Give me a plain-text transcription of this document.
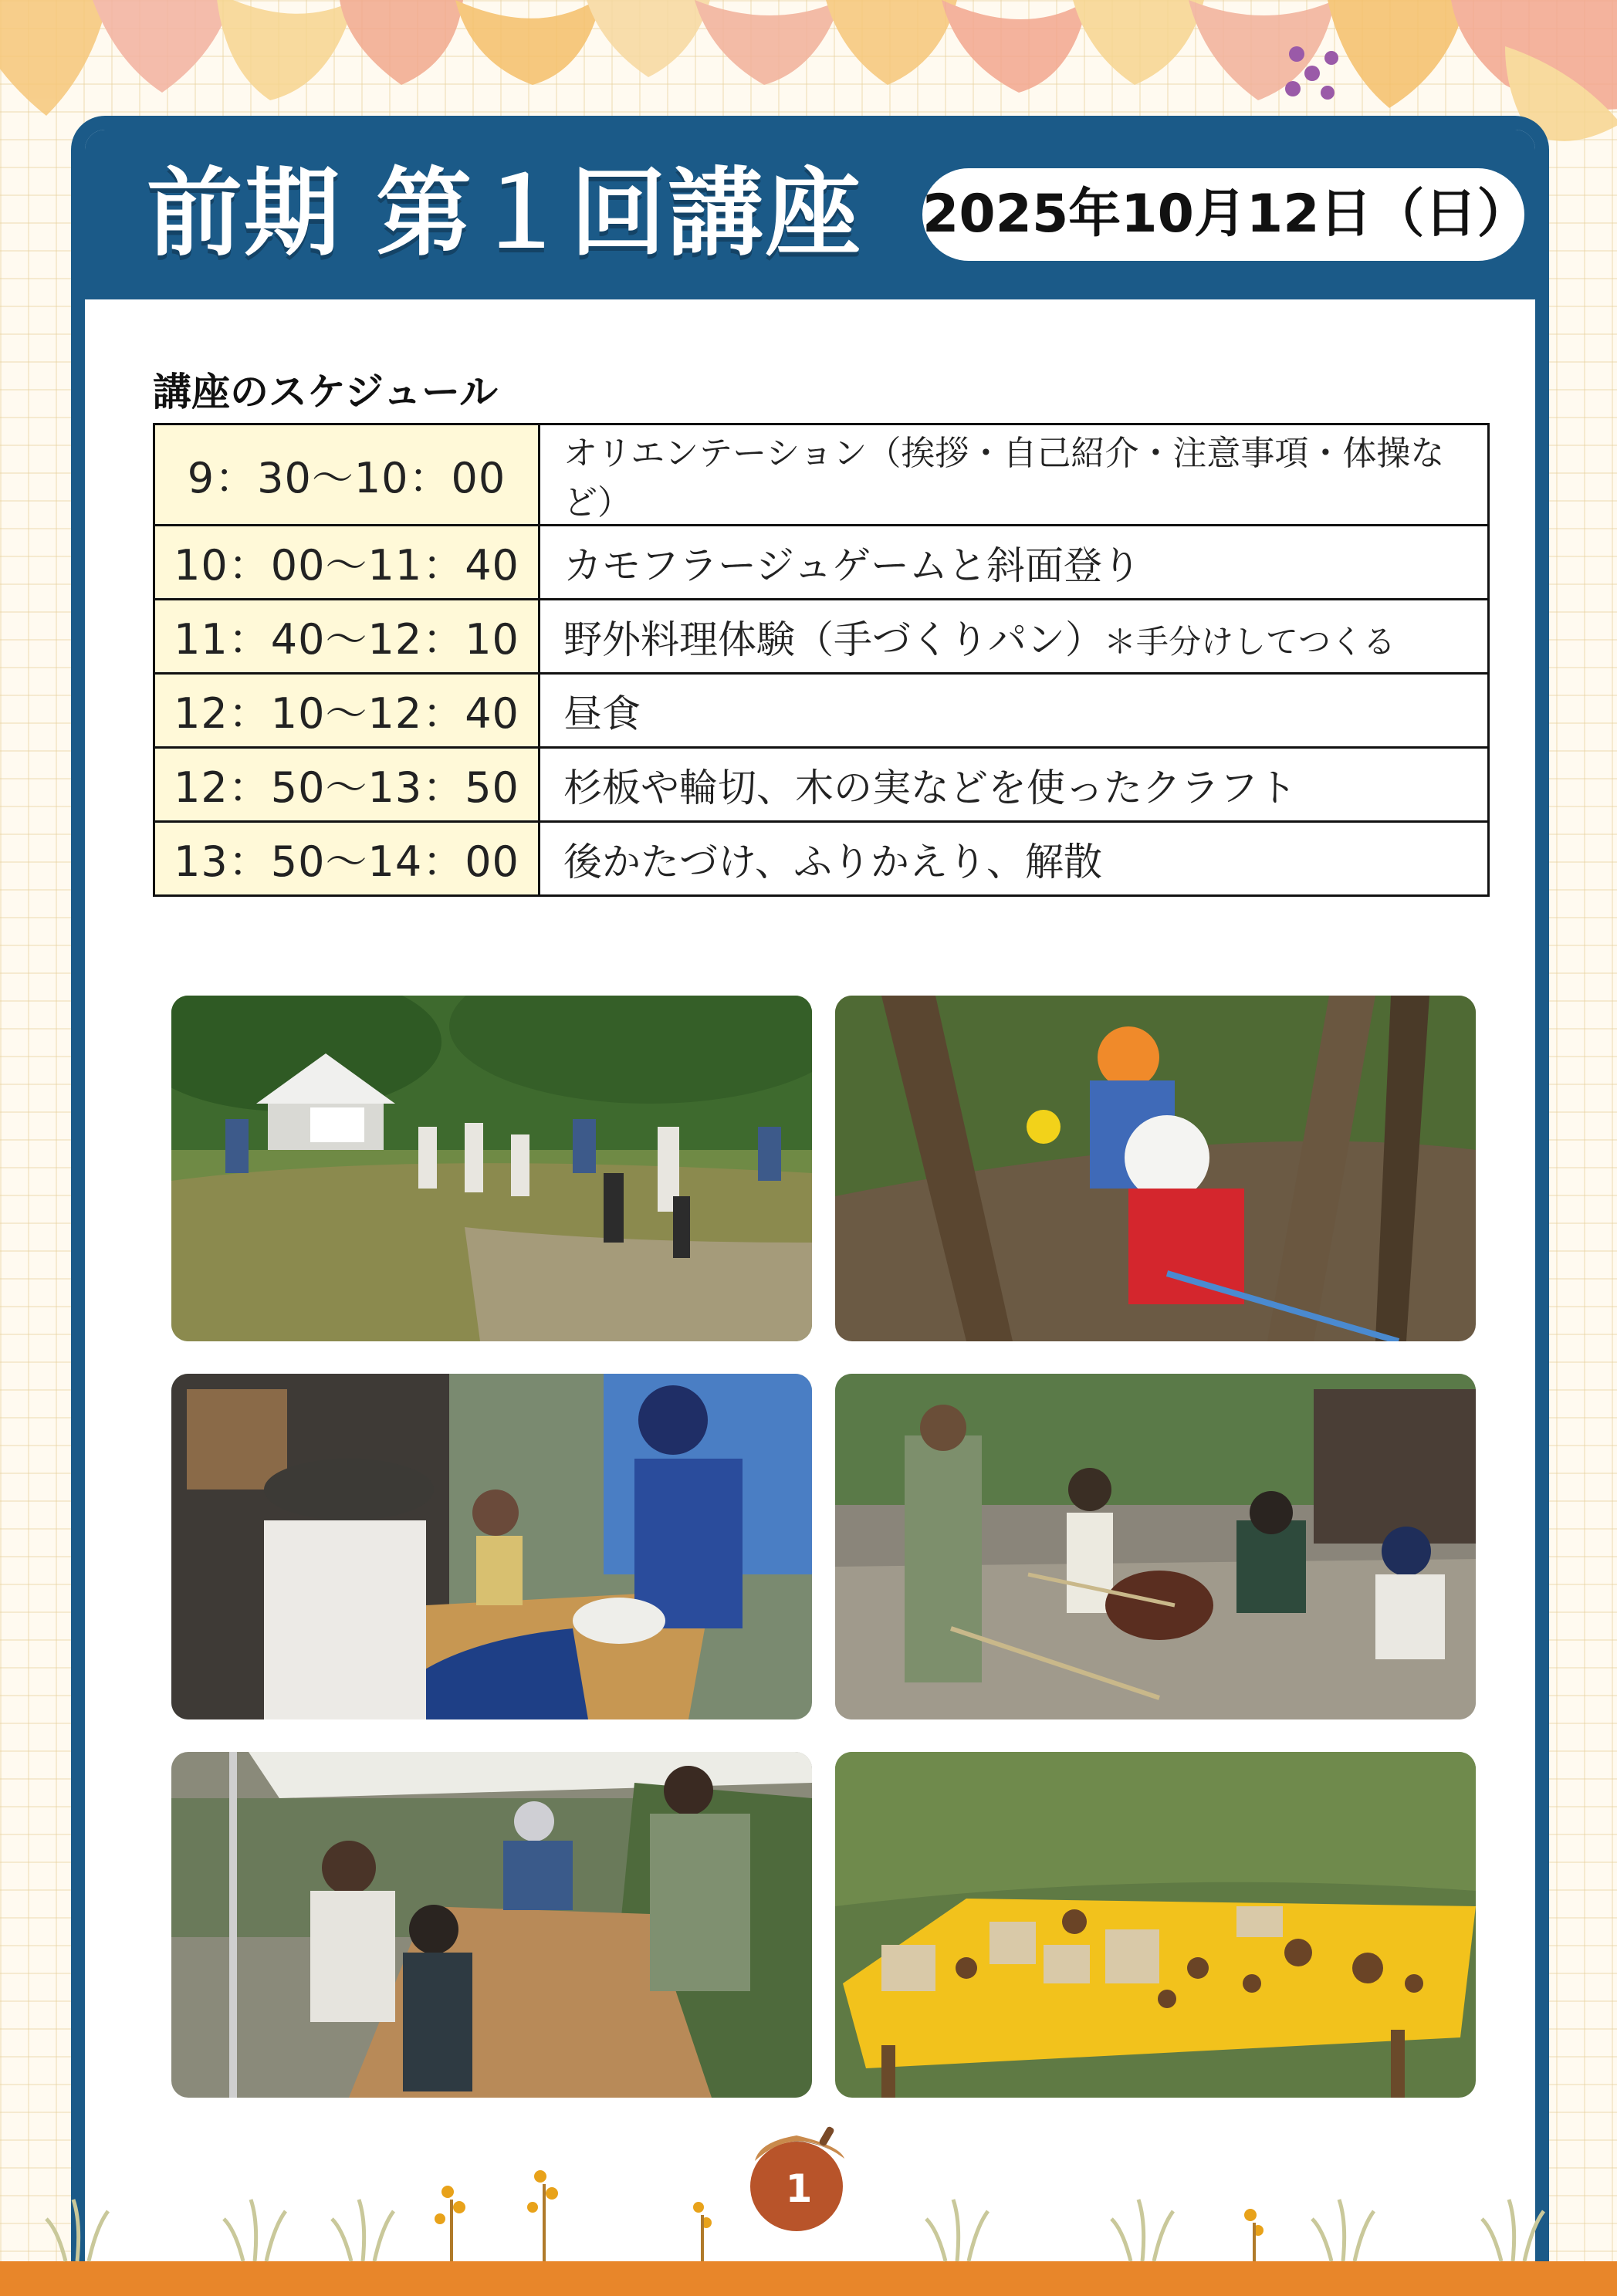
前期 第１回講座 2025年10月12日（日）
講座のスケジュール
9：30〜10：00	オリエンテーション（挨拶・自己紹介・注意事項・体操など）
10：00〜11：40	カモフラージュゲームと斜面登り
11：40〜12：10	野外料理体験（手づくりパン）＊手分けしてつくる
12：10〜12：40	昼食
12：50〜13：50	杉板や輪切、木の実などを使ったクラフト
13：50〜14：00	後かたづけ、ふりかえり、解散
1
